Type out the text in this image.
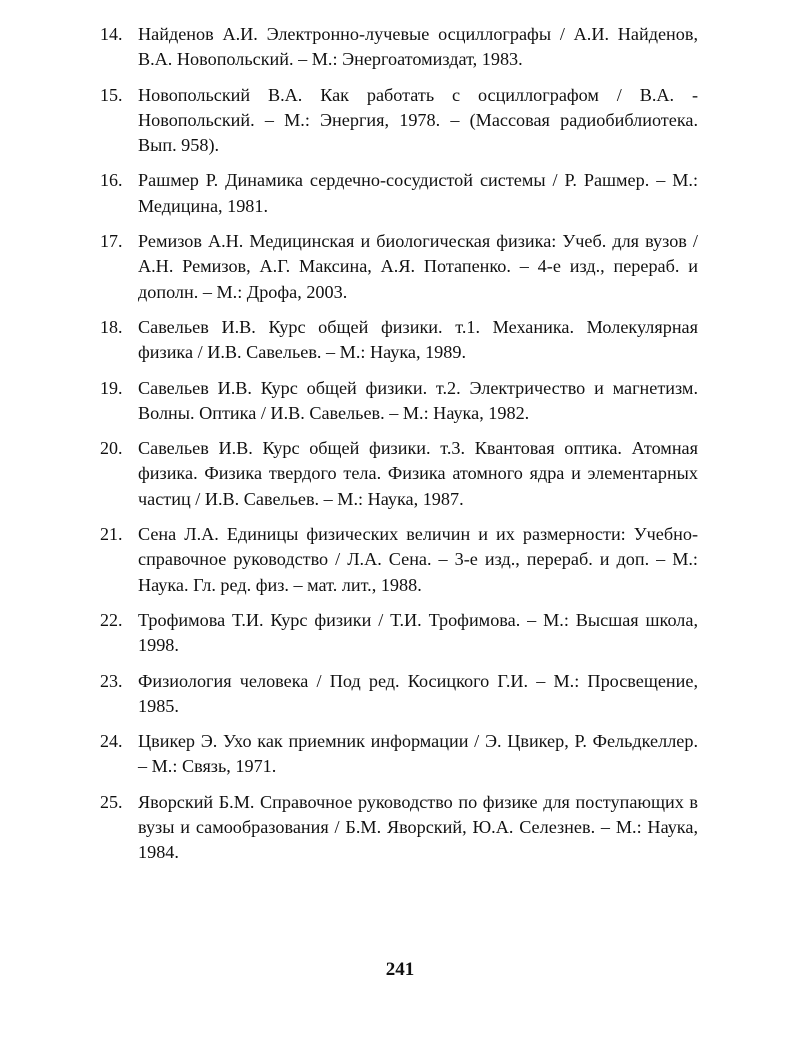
14. Найденов А.И. Электронно-лучевые осциллографы / А.И. Найденов, В.А. Новопольский. – М.: Энергоатомиздат, 1983.
15. Новопольский В.А. Как работать с осциллографом / В.А. - Новопольский. – М.: Энергия, 1978. – (Массовая радиобиблиотека. Вып. 958).
16. Рашмер Р. Динамика сердечно-сосудистой системы / Р. Рашмер. – М.: Медицина, 1981.
17. Ремизов А.Н. Медицинская и биологическая физика: Учеб. для вузов / А.Н. Ремизов, А.Г. Максина, А.Я. Потапенко. – 4-е изд., перераб. и дополн. – М.: Дрофа, 2003.
18. Савельев И.В. Курс общей физики. т.1. Механика. Молекулярная физика / И.В. Савельев. – М.: Наука, 1989.
19. Савельев И.В. Курс общей физики. т.2. Электричество и магнетизм. Волны. Оптика / И.В. Савельев. – М.: Наука, 1982.
20. Савельев И.В. Курс общей физики. т.3. Квантовая оптика. Атомная физика. Физика твердого тела. Физика атомного ядра и элементарных частиц / И.В. Савельев. – М.: Наука, 1987.
21. Сена Л.А. Единицы физических величин и их размерности: Учебно-справочное руководство / Л.А. Сена. – 3-е изд., перераб. и доп. – М.: Наука. Гл. ред. физ. – мат. лит., 1988.
22. Трофимова Т.И. Курс физики / Т.И. Трофимова. – М.: Высшая школа, 1998.
23. Физиология человека / Под ред. Косицкого Г.И. – М.: Просвещение, 1985.
24. Цвикер Э. Ухо как приемник информации / Э. Цвикер, Р. Фельдкеллер. – М.: Связь, 1971.
25. Яворский Б.М. Справочное руководство по физике для поступающих в вузы и самообразования / Б.М. Яворский, Ю.А. Селезнев. – М.: Наука, 1984.
241
